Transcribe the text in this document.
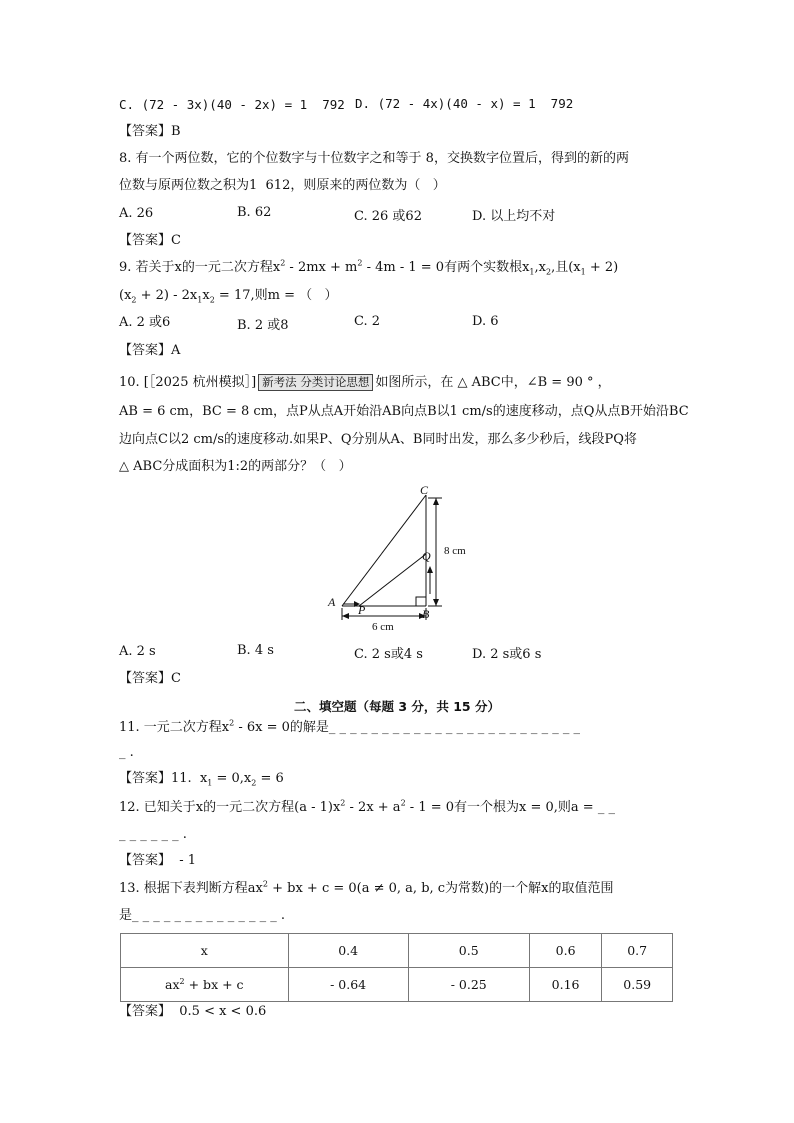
C. (72 - 3x)(40 - 2x) = 1  792 D. (72 - 4x)(40 - x) = 1  792
【答案】B
8. 有一个两位数，它的个位数字与十位数字之和等于 8，交换数字位置后，得到的新的两
位数与原两位数之积为1  612，则原来的两位数为（   ）
A. 26	B. 62	C. 26 或62	D. 以上均不对
【答案】C
9. 若关于x的一元二次方程$x^2 - 2mx + m^2 - 4m - 1 = 0$有两个实数根$x_1,x_2$,且$(x_1 + 2)$
$(x_2 + 2) - 2x_1x_2 = 17$,则m = （   ）
A. 2 或6	B. 2 或8	C. 2	D. 6
【答案】A
10. [［2025 杭州模拟］] 新考法 分类讨论思想 如图所示，在 △ ABC中，∠B = 90 ° ，
AB = 6 cm，BC = 8 cm，点P从点A开始沿AB向点B以1 cm/s的速度移动，点Q从点B开始沿BC
边向点C以2 cm/s的速度移动.如果P、Q分别从A、B同时出发，那么多少秒后，线段PQ将
△ ABC分成面积为1:2的两部分？（   ）
C
Q
A
P	B
8 cm
6 cm
A. 2 s	B. 4 s	C. 2 s或4 s	D. 2 s或6 s
【答案】C
二、填空题（每题 3 分，共 15 分）
11. 一元二次方程$x^2 - 6x = 0$的解是_ _ _ _ _ _ _ _ _ _ _ _ _ _ _ _ _ _ _ _ _ _ _ _
_ .
【答案】11.  $x_1 = 0,x_2 = 6$
12. 已知关于x的一元二次方程$(a - 1)x^2 - 2x + a^2 - 1 = 0$有一个根为x = 0,则a = _ _
_ _ _ _ _ _ .
【答案】  - 1
13. 根据下表判断方程$ax^2$ + bx + c = 0(a ≠ 0, a, b, c为常数)的一个解x的取值范围
是_ _ _ _ _ _ _ _ _ _ _ _ _ _ .
x	0.4	0.5	0.6	0.7
$ax^2$ + bx + c	- 0.64	- 0.25	0.16	0.59
【答案】  0.5 < x < 0.6
